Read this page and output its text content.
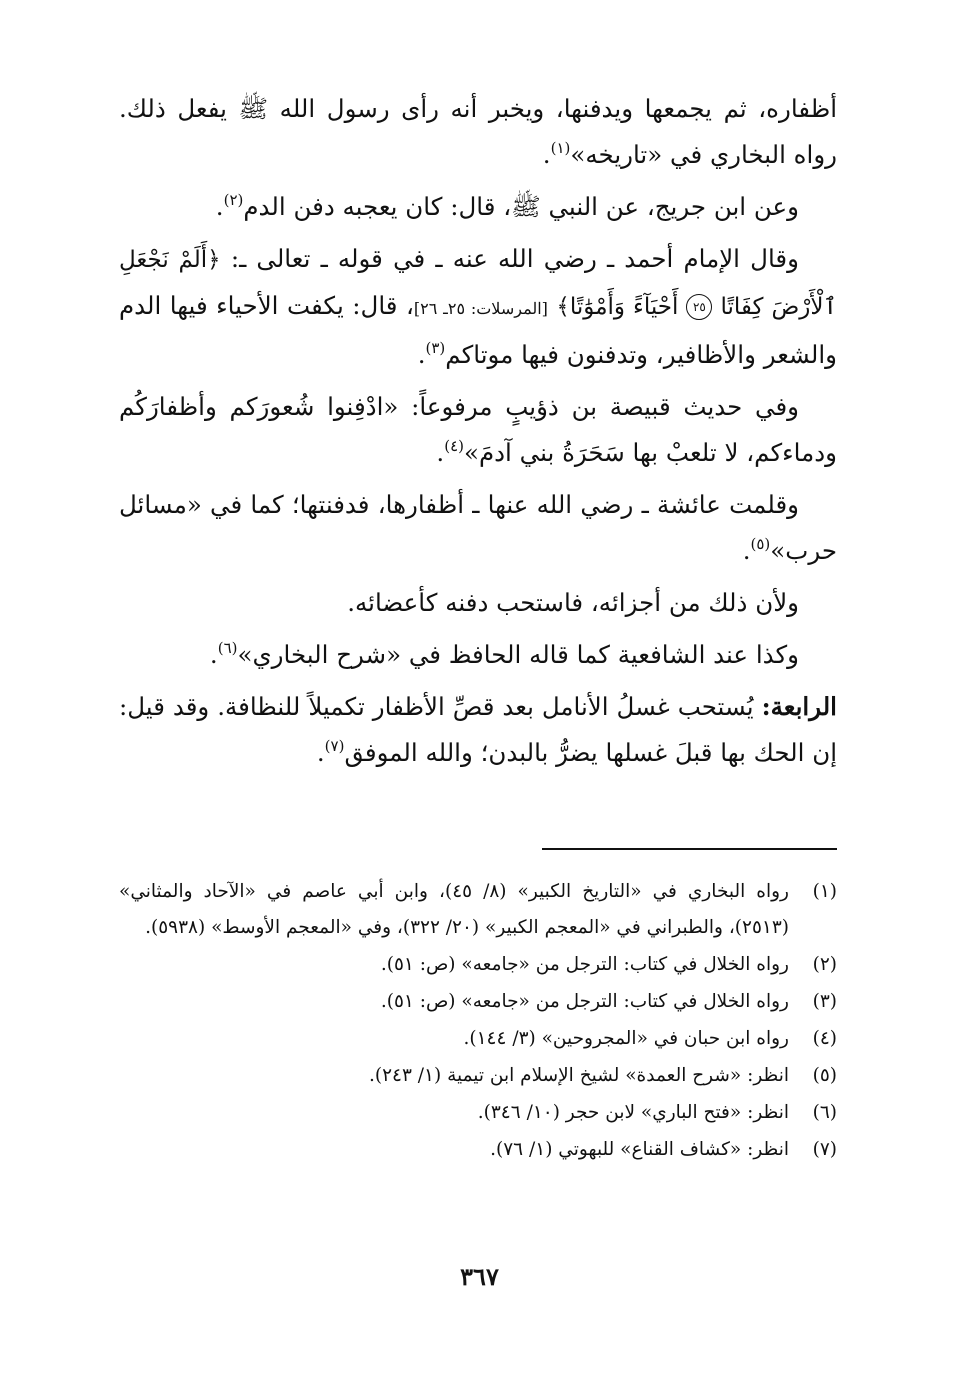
أظفاره، ثم يجمعها ويدفنها، ويخبر أنه رأى رسول الله ﷺ يفعل ذلك. رواه البخاري في «تاريخه»$^{(١)}$.

وعن ابن جريج، عن النبي ﷺ، قال: كان يعجبه دفن الدم$^{(٢)}$.

وقال الإمام أحمد ـ رضي الله عنه ـ في قوله ـ تعالى ـ: ﴿أَلَمْ نَجْعَلِ ٱلْأَرْضَ كِفَاتًا ٢٥ أَحْيَآءً وَأَمْوَٰتًا﴾ [المرسلات: ٢٥ـ ٢٦]، قال: يكفت الأحياء فيها الدم والشعر والأظافير، وتدفنون فيها موتاكم$^{(٣)}$.

وفي حديث قبيصة بن ذؤيبٍ مرفوعاً: «ادْفِنوا شُعورَكم وأظفارَكُم ودماءكم، لا تلعبْ بها سَحَرَةُ بني آدمَ»$^{(٤)}$.

وقلمت عائشة ـ رضي الله عنها ـ أظفارها، فدفنتها؛ كما في «مسائل حرب»$^{(٥)}$.

ولأن ذلك من أجزائه، فاستحب دفنه كأعضائه.

وكذا عند الشافعية كما قاله الحافظ في «شرح البخاري»$^{(٦)}$.

الرابعة: يُستحب غسلُ الأنامل بعد قصِّ الأظفار تكميلاً للنظافة. وقد قيل: إن الحك بها قبلَ غسلها يضرُّ بالبدن؛ والله الموفق$^{(٧)}$.

(١)
رواه البخاري في «التاريخ الكبير» (٨/ ٤٥)، وابن أبي عاصم في «الآحاد والمثاني» (٢٥١٣)، والطبراني في «المعجم الكبير» (٢٠/ ٣٢٢)، وفي «المعجم الأوسط» (٥٩٣٨).
(٢)
رواه الخلال في كتاب: الترجل من «جامعه» (ص: ٥١).
(٣)
رواه الخلال في كتاب: الترجل من «جامعه» (ص: ٥١).
(٤)
رواه ابن حبان في «المجروحين» (٣/ ١٤٤).
(٥)
انظر: «شرح العمدة» لشيخ الإسلام ابن تيمية (١/ ٢٤٣).
(٦)
انظر: «فتح الباري» لابن حجر (١٠/ ٣٤٦).
(٧)
انظر: «كشاف القناع» للبهوتي (١/ ٧٦).
٣٦٧
